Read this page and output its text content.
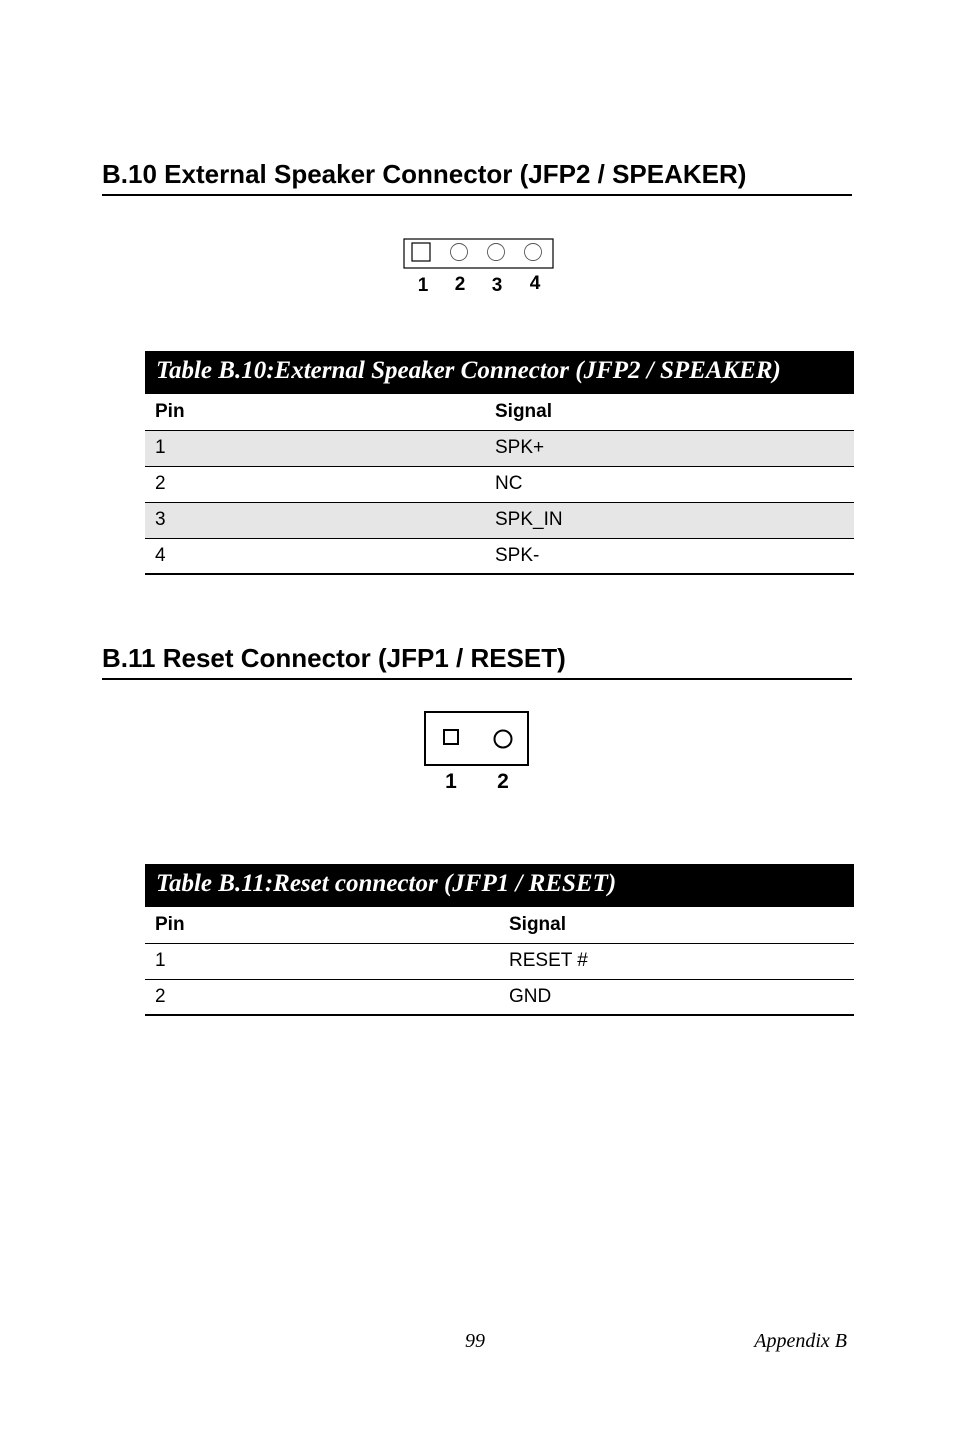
B.10 External Speaker Connector (JFP2 / SPEAKER)
1 2 3 4
Table B.10:External Speaker Connector (JFP2 / SPEAKER)
Pin	Signal
1	SPK+
2	NC
3	SPK_IN
4	SPK-
B.11 Reset Connector (JFP1 / RESET)
1 2
Table B.11:Reset connector (JFP1 / RESET)
Pin	Signal
1	RESET #
2	GND
99	Appendix B
